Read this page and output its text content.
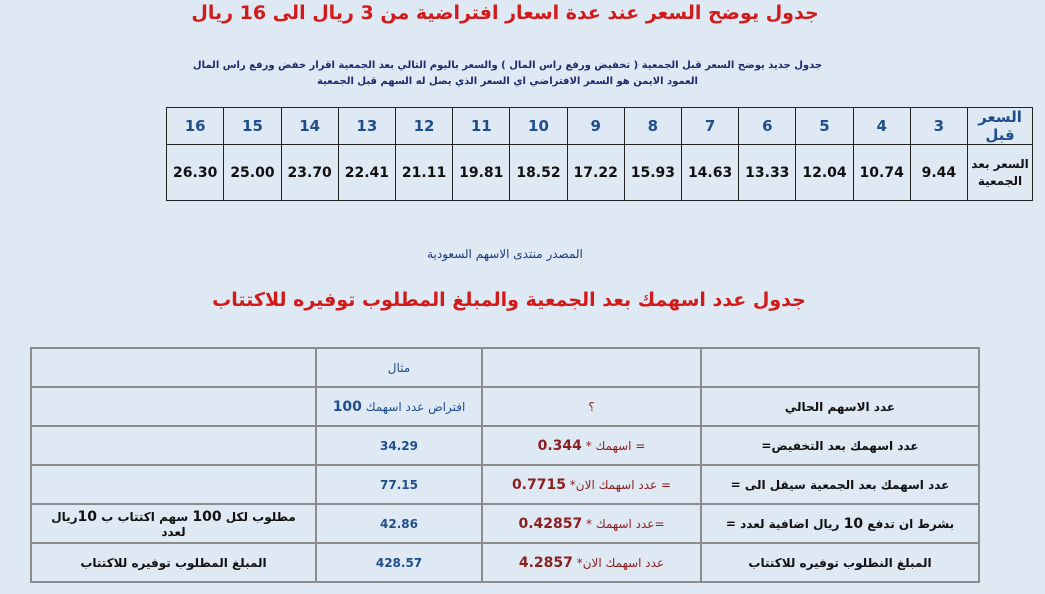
جدول يوضح السعر عند عدة اسعار افتراضية من 3 ريال الى 16 ريال
جدول جديد يوضح السعر قبل الجمعية ( تخفيض ورفع راس المال ) والسعر باليوم التالي بعد الجمعية اقرار خفض ورفع راس المال
العمود الايمن هو السعر الافتراضي اي السعر الذي يصل له السهم قبل الجمعية
السعر قبل	3	4	5	6	7	8	9	10	11	12	13	14	15	16
السعر بعد الجمعية	9.44	10.74	12.04	13.33	14.63	15.93	17.22	18.52	19.81	21.11	22.41	23.70	25.00	26.30
المصدر منتدى الاسهم السعودية
جدول عدد اسهمك بعد الجمعية والمبلغ المطلوب توفيره للاكتتاب
		مثال	
عدد الاسهم الحالي	؟	افتراض عدد اسهمك 100	
عدد اسهمك بعد التخفيض=	= اسهمك * 0.344	34.29	
عدد اسهمك بعد الجمعية سيقل الى =	= عدد اسهمك الان* 0.7715	77.15	
بشرط ان تدفع 10 ريال اضافية لعدد =	=عدد اسهمك * 0.42857	42.86	مطلوب لكل 100 سهم اكتتاب ب 10ريال لعدد
المبلغ النطلوب توفيره للاكتتاب	عدد اسهمك الان* 4.2857	428.57	المبلغ المطلوب توفيره للاكتتاب
